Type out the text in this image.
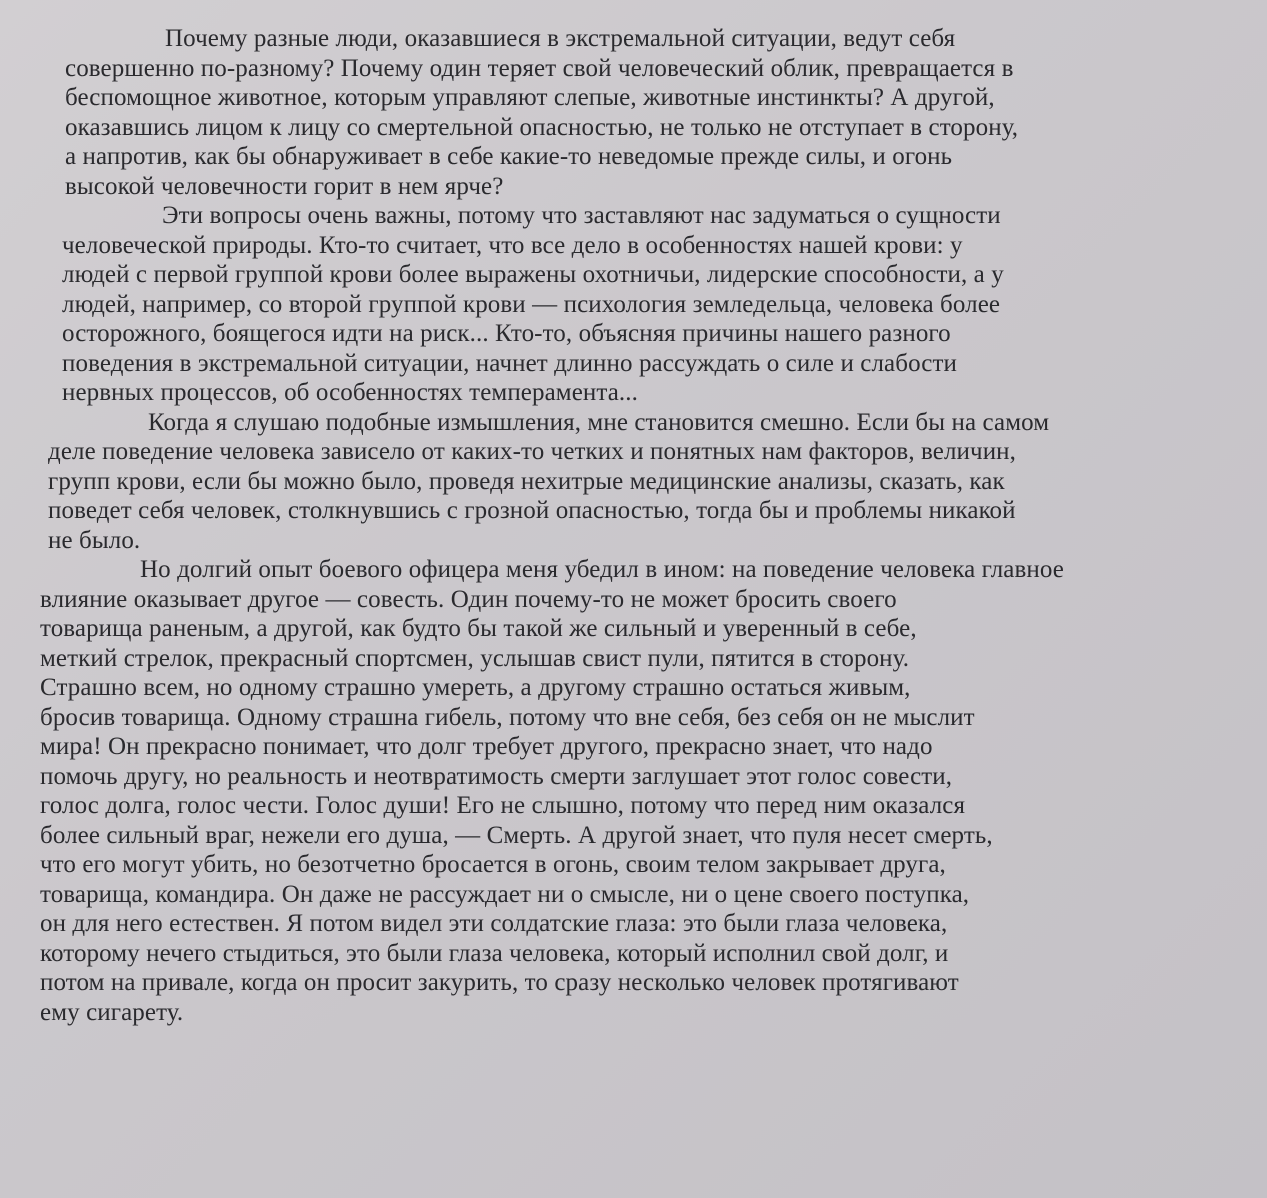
Почему разные люди, оказавшиеся в экстремальной ситуации, ведут себя
совершенно по-разному? Почему один теряет свой человеческий облик, превращается в
беспомощное животное, которым управляют слепые, животные инстинкты? А другой,
оказавшись лицом к лицу со смертельной опасностью, не только не отступает в сторону,
а напротив, как бы обнаруживает в себе какие-то неведомые прежде силы, и огонь
высокой человечности горит в нем ярче?
Эти вопросы очень важны, потому что заставляют нас задуматься о сущности
человеческой природы. Кто-то считает, что все дело в особенностях нашей крови: у
людей с первой группой крови более выражены охотничьи, лидерские способности, а у
людей, например, со второй группой крови — психология земледельца, человека более
осторожного, боящегося идти на риск... Кто-то, объясняя причины нашего разного
поведения в экстремальной ситуации, начнет длинно рассуждать о силе и слабости
нервных процессов, об особенностях темперамента...
Когда я слушаю подобные измышления, мне становится смешно. Если бы на самом
деле поведение человека зависело от каких-то четких и понятных нам факторов, величин,
групп крови, если бы можно было, проведя нехитрые медицинские анализы, сказать, как
поведет себя человек, столкнувшись с грозной опасностью, тогда бы и проблемы никакой
не было.
Но долгий опыт боевого офицера меня убедил в ином: на поведение человека главное
влияние оказывает другое — совесть. Один почему-то не может бросить своего
товарища раненым, а другой, как будто бы такой же сильный и уверенный в себе,
меткий стрелок, прекрасный спортсмен, услышав свист пули, пятится в сторону.
Страшно всем, но одному страшно умереть, а другому страшно остаться живым,
бросив товарища. Одному страшна гибель, потому что вне себя, без себя он не мыслит
мира! Он прекрасно понимает, что долг требует другого, прекрасно знает, что надо
помочь другу, но реальность и неотвратимость смерти заглушает этот голос совести,
голос долга, голос чести. Голос души! Его не слышно, потому что перед ним оказался
более сильный враг, нежели его душа, — Смерть. А другой знает, что пуля несет смерть,
что его могут убить, но безотчетно бросается в огонь, своим телом закрывает друга,
товарища, командира. Он даже не рассуждает ни о смысле, ни о цене своего поступка,
он для него естествен. Я потом видел эти солдатские глаза: это были глаза человека,
которому нечего стыдиться, это были глаза человека, который исполнил свой долг, и
потом на привале, когда он просит закурить, то сразу несколько человек протягивают
ему сигарету.
